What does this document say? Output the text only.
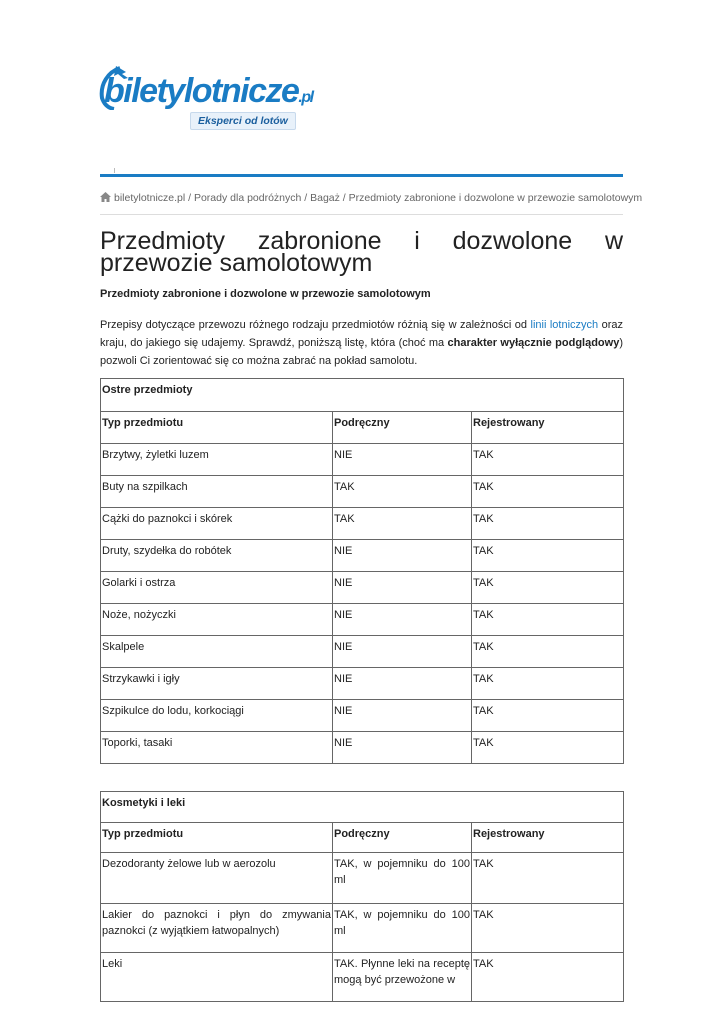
biletylotnicze.pl
Eksperci od lotów
biletylotnicze.pl / Porady dla podróżnych / Bagaż / Przedmioty zabronione i dozwolone w przewozie samolotowym
Przedmioty zabronione i dozwolone w przewozie samolotowym
Przedmioty zabronione i dozwolone w przewozie samolotowym
Przepisy dotyczące przewozu różnego rodzaju przedmiotów różnią się w zależności od linii lotniczych oraz kraju, do jakiego się udajemy. Sprawdź, poniższą listę, która (choć ma charakter wyłącznie podglądowy) pozwoli Ci zorientować się co można zabrać na pokład samolotu.
Ostre przedmioty		
Typ przedmiotu	Podręczny	Rejestrowany
Brzytwy, żyletki luzem	NIE	TAK
Buty na szpilkach	TAK	TAK
Cążki do paznokci i skórek	TAK	TAK
Druty, szydełka do robótek	NIE	TAK
Golarki i ostrza	NIE	TAK
Noże, nożyczki	NIE	TAK
Skalpele	NIE	TAK
Strzykawki i igły	NIE	TAK
Szpikulce do lodu, korkociągi	NIE	TAK
Toporki, tasaki	NIE	TAK
Kosmetyki i leki		
Typ przedmiotu	Podręczny	Rejestrowany
Dezodoranty żelowe lub w aerozolu	TAK, w pojemniku do 100 ml	TAK
Lakier do paznokci i płyn do zmywania paznokci (z wyjątkiem łatwopalnych)	TAK, w pojemniku do 100 ml	TAK
Leki	TAK. Płynne leki na receptę mogą być przewożone w	TAK
